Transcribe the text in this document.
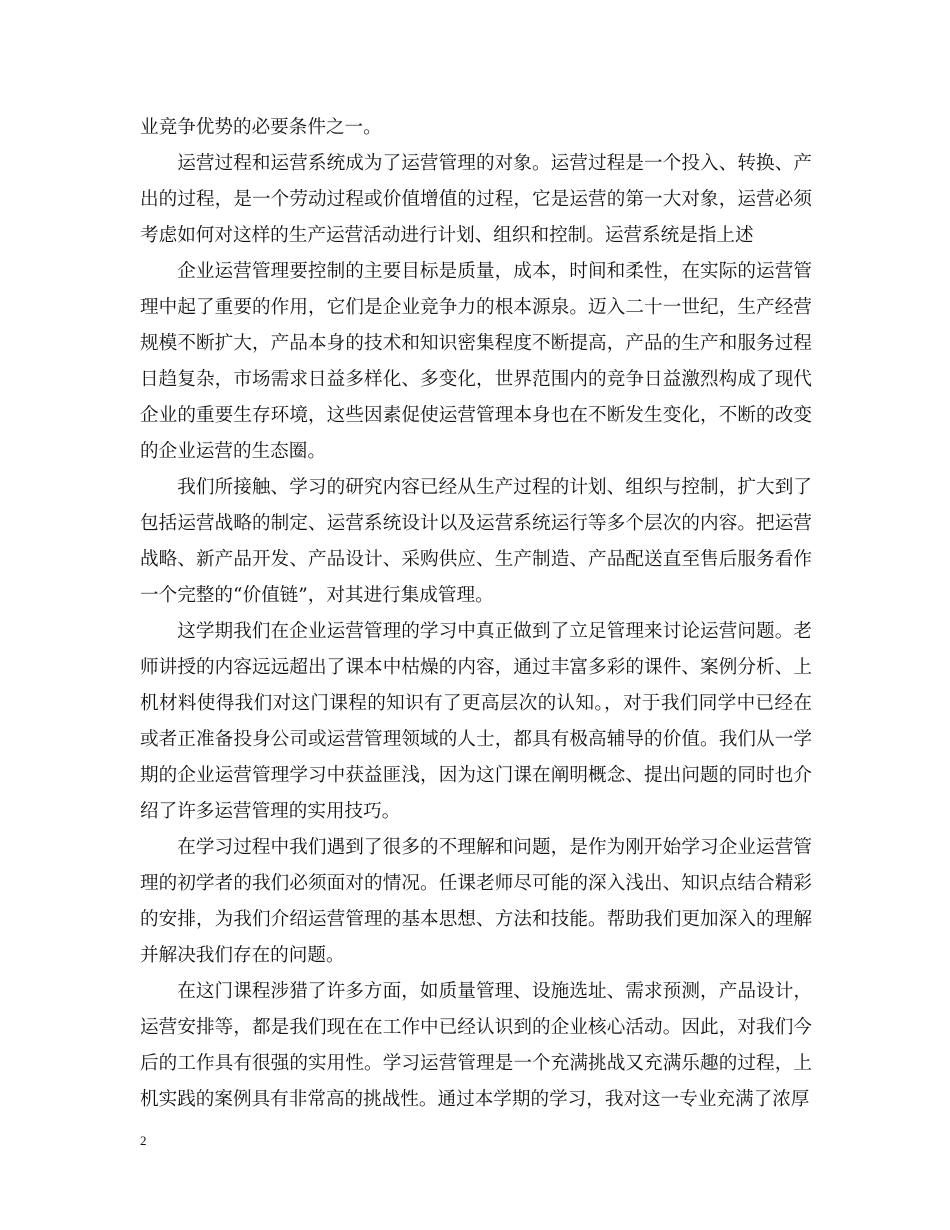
业竞争优势的必要条件之一。

运营过程和运营系统成为了运营管理的对象。运营过程是一个投入、转换、产出的过程，是一个劳动过程或价值增值的过程，它是运营的第一大对象，运营必须考虑如何对这样的生产运营活动进行计划、组织和控制。运营系统是指上述

企业运营管理要控制的主要目标是质量，成本，时间和柔性，在实际的运营管理中起了重要的作用，它们是企业竞争力的根本源泉。迈入二十一世纪，生产经营规模不断扩大，产品本身的技术和知识密集程度不断提高，产品的生产和服务过程日趋复杂，市场需求日益多样化、多变化，世界范围内的竞争日益激烈构成了现代企业的重要生存环境，这些因素促使运营管理本身也在不断发生变化，不断的改变的企业运营的生态圈。

我们所接触、学习的研究内容已经从生产过程的计划、组织与控制，扩大到了包括运营战略的制定、运营系统设计以及运营系统运行等多个层次的内容。把运营战略、新产品开发、产品设计、采购供应、生产制造、产品配送直至售后服务看作一个完整的“价值链”，对其进行集成管理。

这学期我们在企业运营管理的学习中真正做到了立足管理来讨论运营问题。老师讲授的内容远远超出了课本中枯燥的内容，通过丰富多彩的课件、案例分析、上机材料使得我们对这门课程的知识有了更高层次的认知。，对于我们同学中已经在或者正准备投身公司或运营管理领域的人士，都具有极高辅导的价值。我们从一学期的企业运营管理学习中获益匪浅，因为这门课在阐明概念、提出问题的同时也介绍了许多运营管理的实用技巧。

在学习过程中我们遇到了很多的不理解和问题，是作为刚开始学习企业运营管理的初学者的我们必须面对的情况。任课老师尽可能的深入浅出、知识点结合精彩的安排，为我们介绍运营管理的基本思想、方法和技能。帮助我们更加深入的理解并解决我们存在的问题。

在这门课程涉猎了许多方面，如质量管理、设施选址、需求预测，产品设计，运营安排等，都是我们现在在工作中已经认识到的企业核心活动。因此，对我们今后的工作具有很强的实用性。学习运营管理是一个充满挑战又充满乐趣的过程，上机实践的案例具有非常高的挑战性。通过本学期的学习，我对这一专业充满了浓厚

2
